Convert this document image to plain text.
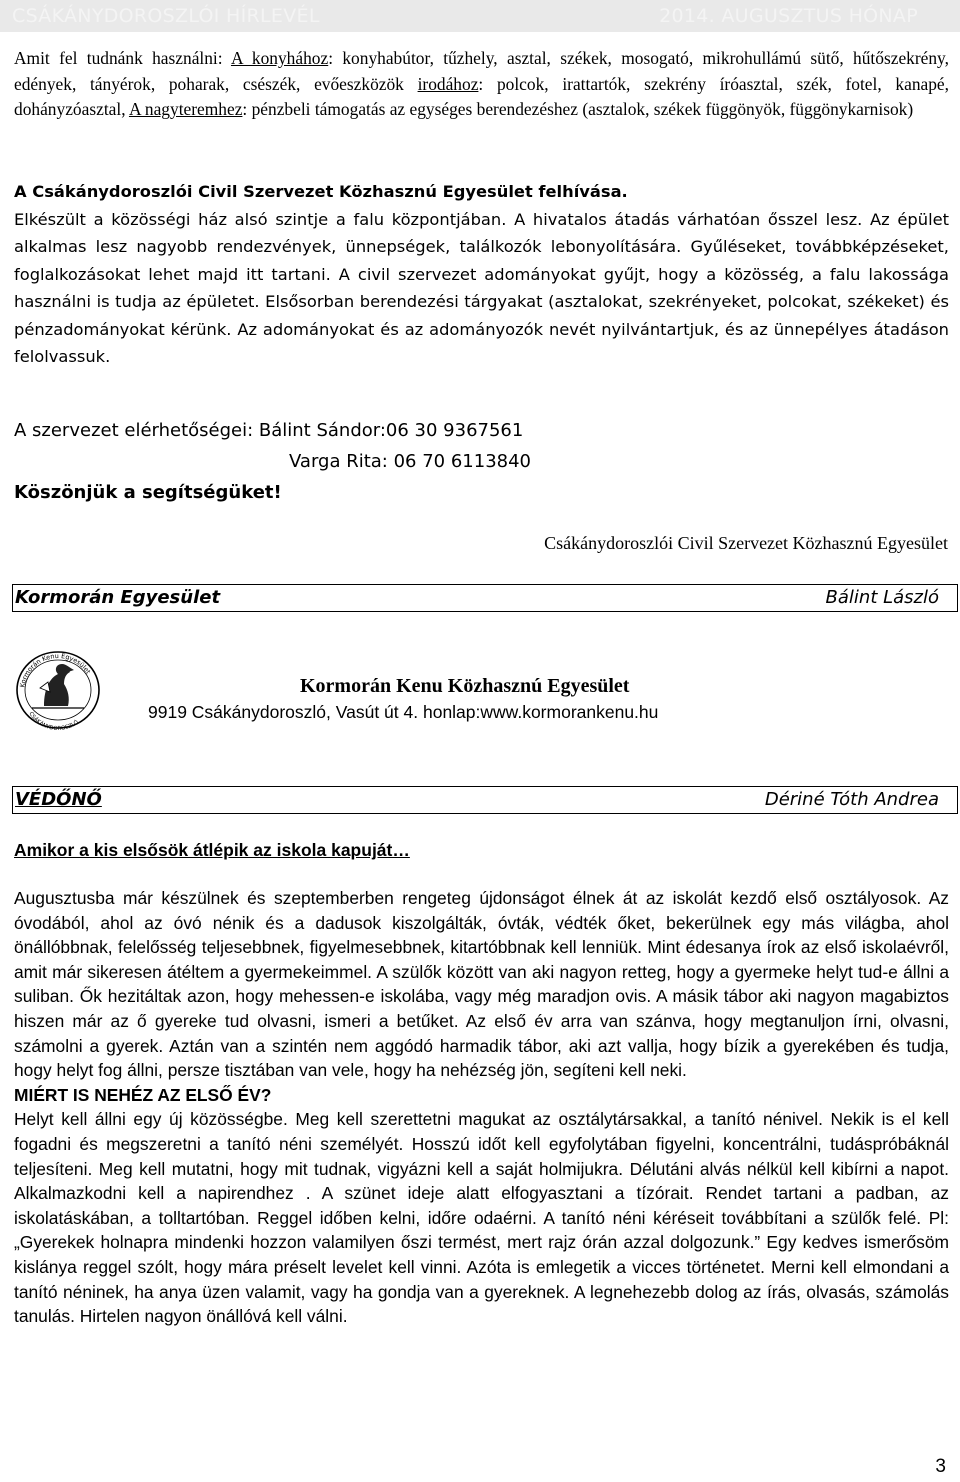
CSÁKÁNYDOROSZLÓI HÍRLEVÉL	2014. AUGUSZTUS HÓNAP

Amit fel tudnánk használni: A konyhához: konyhabútor, tűzhely, asztal, székek, mosogató, mikrohullámú sütő, hűtőszekrény, edények, tányérok, poharak, csészék, evőeszközök irodához: polcok, irattartók, szekrény íróasztal, szék, fotel, kanapé, dohányzóasztal, A nagyteremhez: pénzbeli támogatás az egységes berendezéshez (asztalok, székek függönyök, függönykarnisok)

A Csákánydoroszlói Civil Szervezet Közhasznú Egyesület felhívása.
Elkészült a közösségi ház alsó szintje a falu központjában. A hivatalos átadás várhatóan ősszel lesz. Az épület alkalmas lesz nagyobb rendezvények, ünnepségek, találkozók lebonyolítására. Gyűléseket, továbbképzéseket, foglalkozásokat lehet majd itt tartani. A civil szervezet adományokat gyűjt, hogy a közösség, a falu lakossága használni is tudja az épületet. Elsősorban berendezési tárgyakat (asztalokat, szekrényeket, polcokat, székeket) és pénzadományokat kérünk. Az adományokat és az adományozók nevét nyilvántartjuk, és az ünnepélyes átadáson felolvassuk.
A szervezet elérhetőségei: Bálint Sándor:06 30 9367561
Varga Rita: 06 70 6113840
Köszönjük a segítségüket!
Csákánydoroszlói Civil Szervezet Közhasznú Egyesület
Kormorán Egyesület	Bálint László
Kormorán Kenu Egyesület
CSÁKÁNYDOROSZLÓ
Kormorán Kenu Közhasznú Egyesület
9919 Csákánydoroszló, Vasút út 4. honlap:www.kormorankenu.hu
VÉDŐNŐ	Dériné Tóth Andrea
Amikor a kis elsősök átlépik az iskola kapuját…
Augusztusba már készülnek és szeptemberben rengeteg újdonságot élnek át az iskolát kezdő első osztályosok. Az óvodából, ahol az óvó nénik és a dadusok kiszolgálták, óvták, védték őket, bekerülnek egy más világba, ahol önállóbbnak, felelősség teljesebbnek, figyelmesebbnek, kitartóbbnak kell lenniük. Mint édesanya írok az első iskolaévről, amit már sikeresen átéltem a gyermekeimmel. A szülők között van aki nagyon retteg, hogy a gyermeke helyt tud-e állni a suliban. Ők hezitáltak azon, hogy mehessen-e iskolába, vagy még maradjon ovis. A másik tábor aki nagyon magabiztos hiszen már az ő gyereke tud olvasni, ismeri a betűket. Az első év arra van szánva, hogy megtanuljon írni, olvasni, számolni a gyerek. Aztán van a szintén nem aggódó harmadik tábor, aki azt vallja, hogy bízik a gyerekében és tudja, hogy helyt fog állni, persze tisztában van vele, hogy ha nehézség jön, segíteni kell neki.
MIÉRT IS NEHÉZ AZ ELSŐ ÉV?
Helyt kell állni egy új közösségbe. Meg kell szerettetni magukat az osztálytársakkal, a tanító nénivel. Nekik is el kell fogadni és megszeretni a tanító néni személyét. Hosszú időt kell egyfolytában figyelni, koncentrálni, tudáspróbáknál teljesíteni. Meg kell mutatni, hogy mit tudnak, vigyázni kell a saját holmijukra. Délutáni alvás nélkül kell kibírni a napot. Alkalmazkodni kell a napirendhez . A szünet ideje alatt elfogyasztani a tízórait. Rendet tartani a padban, az iskolatáskában, a tolltartóban. Reggel időben kelni, időre odaérni. A tanító néni kéréseit továbbítani a szülők felé. Pl: „Gyerekek holnapra mindenki hozzon valamilyen őszi termést, mert rajz órán azzal dolgozunk.” Egy kedves ismerősöm kislánya reggel szólt, hogy mára préselt levelet kell vinni. Azóta is emlegetik a vicces történetet. Merni kell elmondani a tanító néninek, ha anya üzen valamit, vagy ha gondja van a gyereknek. A legnehezebb dolog az írás, olvasás, számolás tanulás. Hirtelen nagyon önállóvá kell válni.
3
